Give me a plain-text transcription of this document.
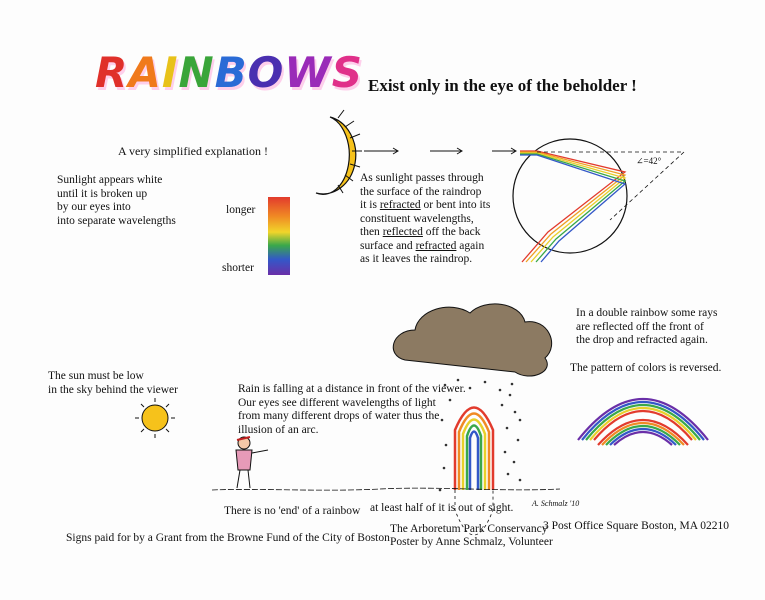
RAINBOWS Exist only in the eye of the beholder !
A very simplified explanation !
Sunlight appears white
until it is broken up
by our eyes into
into separate wavelengths
longer
shorter
∠=42°
As sunlight passes through
the surface of the raindrop
it is refracted or bent into its
constituent wavelengths,
then reflected off the back
surface and refracted again
as it leaves the raindrop.
In a double rainbow some rays
are reflected off the front of
the drop and refracted again.
The pattern of colors is reversed.
The sun must be low
in the sky behind the viewer	Rain is falling at a distance in front of the viewer.
Our eyes see different wavelengths of light
from many different drops of water thus the
illusion of an arc.
There is no 'end' of a rainbow at least half of it is out of sight. A. Schmalz '10
The Arboretum Park Conservancy
3 Post Office Square Boston, MA 02210
Poster by Anne Schmalz, Volunteer
Signs paid for by a Grant from the Browne Fund of the City of Boston
